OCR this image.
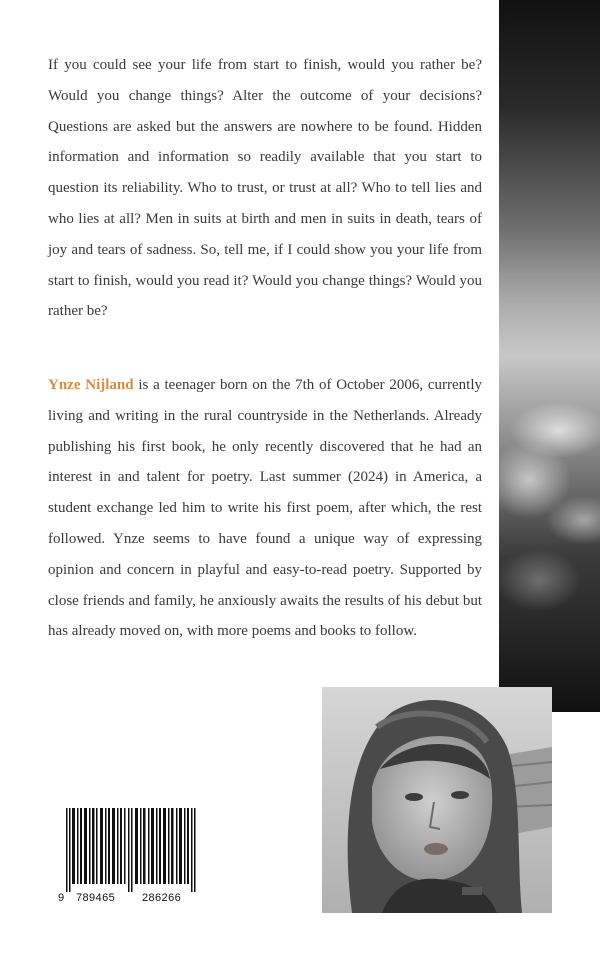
If you could see your life from start to finish, would you rather be? Would you change things? Alter the outcome of your decisions? Questions are asked but the answers are nowhere to be found. Hidden information and information so readily available that you start to question its reliability. Who to trust, or trust at all? Who to tell lies and who lies at all? Men in suits at birth and men in suits in death, tears of joy and tears of sadness. So, tell me, if I could show you your life from start to finish, would you read it? Would you change things? Would you rather be?

Ynze Nijland is a teenager born on the 7th of October 2006, currently living and writing in the rural countryside in the Netherlands. Already publishing his first book, he only recently discovered that he had an interest in and talent for poetry. Last summer (2024) in America, a student exchange led him to write his first poem, after which, the rest followed. Ynze seems to have found a unique way of expressing opinion and concern in playful and easy-to-read poetry. Supported by close friends and family, he anxiously awaits the results of his debut but has already moved on, with more poems and books to follow.

9 789465 286266
